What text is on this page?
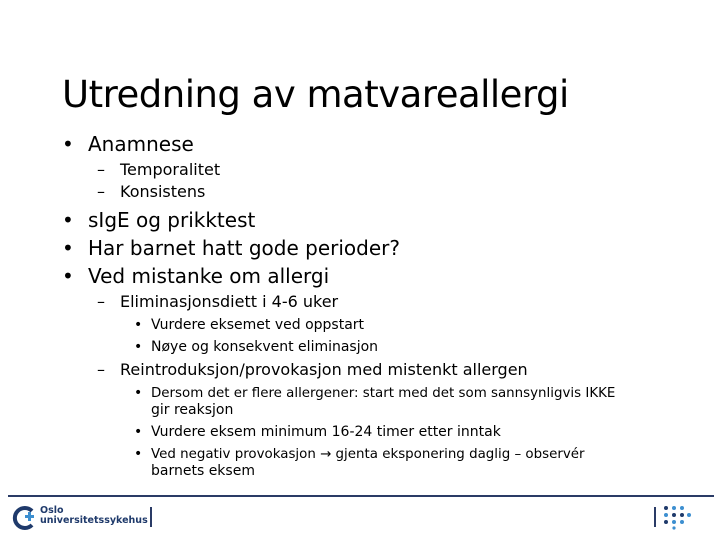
Utredning av matvareallergi
• Anamnese
– Temporalitet
– Konsistens
• sIgE og prikktest
• Har barnet hatt gode perioder?
• Ved mistanke om allergi
– Eliminasjonsdiett i 4-6 uker
• Vurdere eksemet ved oppstart
• Nøye og konsekvent eliminasjon
– Reintroduksjon/provokasjon med mistenkt allergen
• Dersom det er flere allergener: start med det som sannsynligvis IKKE
gir reaksjon
• Vurdere eksem minimum 16-24 timer etter inntak
• Ved negativ provokasjon → gjenta eksponering daglig – observér
barnets eksem
Oslo
universitetssykehus
